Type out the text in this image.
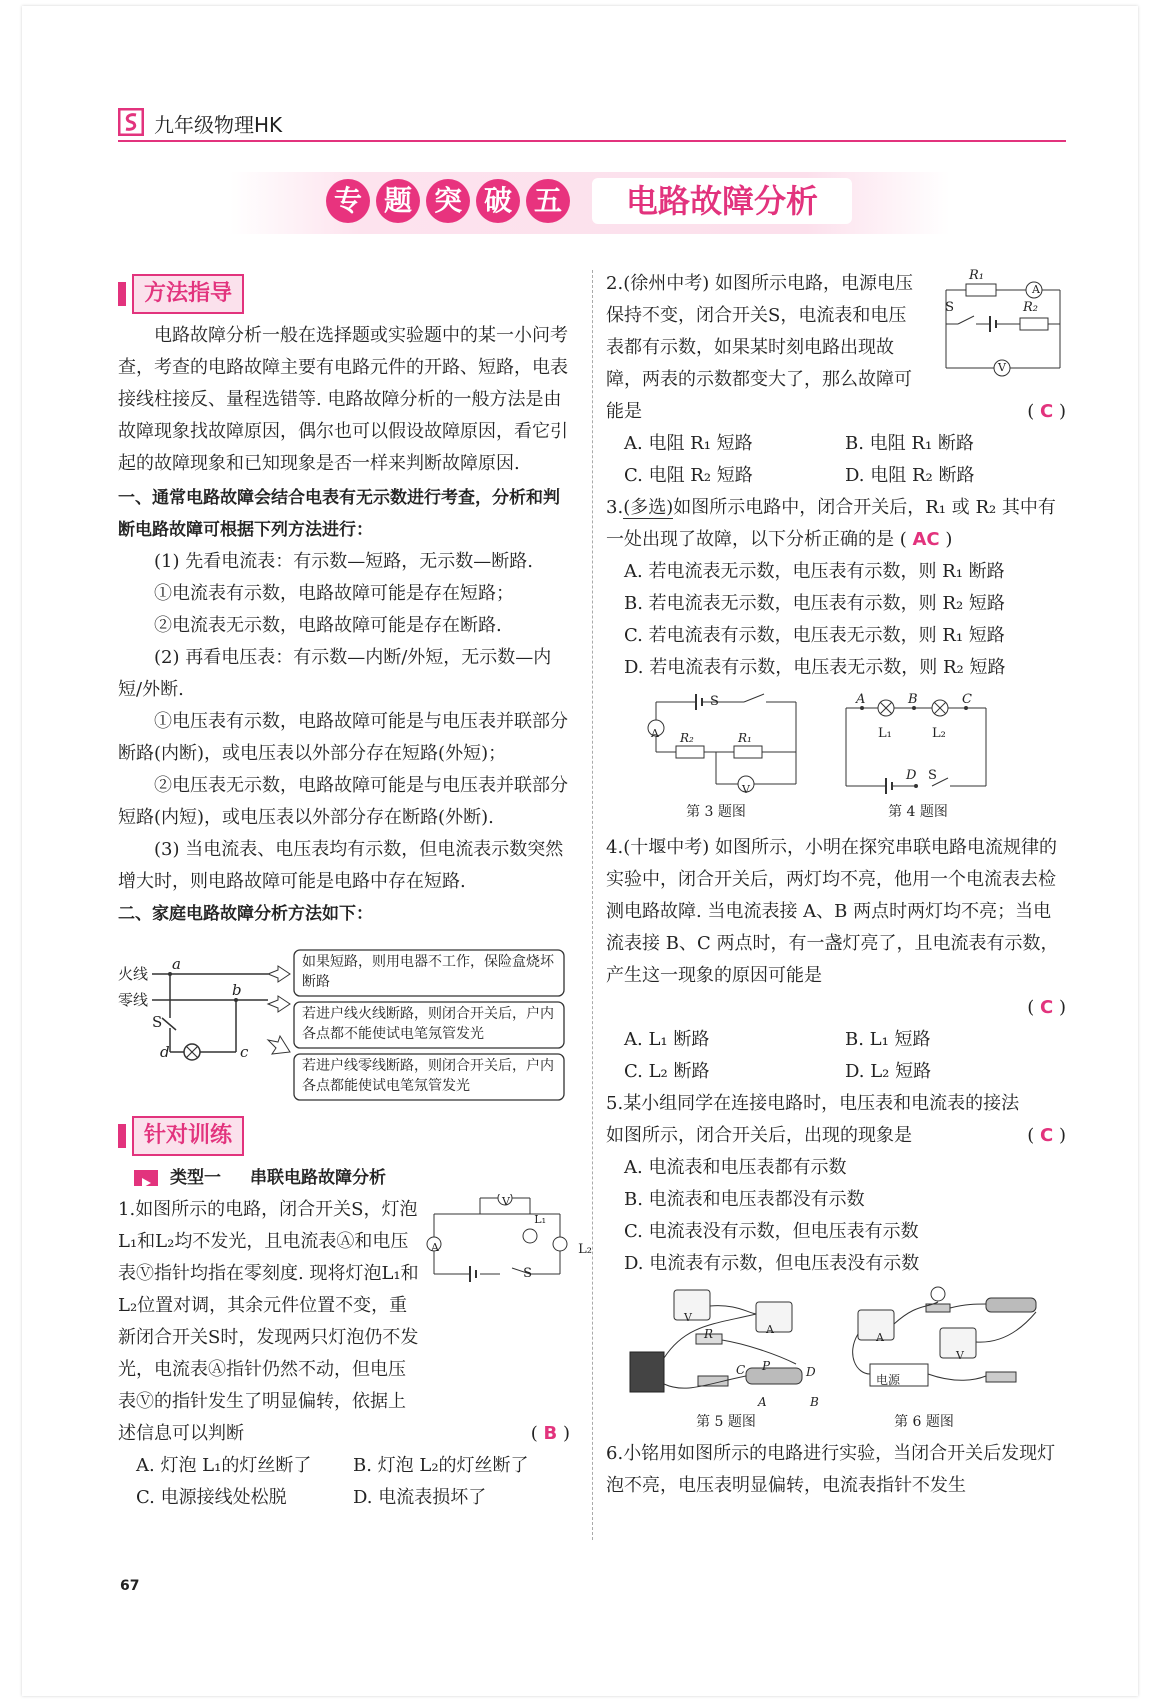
九年级物理HK
专 题 突 破 五	电路故障分析
方法指导

电路故障分析一般在选择题或实验题中的某一小问考查，考查的电路故障主要有电路元件的开路、短路，电表接线柱接反、量程选错等. 电路故障分析的一般方法是由故障现象找故障原因，偶尔也可以假设故障原因，看它引起的故障现象和已知现象是否一样来判断故障原因.

一、通常电路故障会结合电表有无示数进行考查，分析和判断电路故障可根据下列方法进行：

(1) 先看电流表：有示数—短路，无示数—断路.

①电流表有示数，电路故障可能是存在短路；

②电流表无示数，电路故障可能是存在断路.

(2) 再看电压表：有示数—内断/外短，无示数—内短/外断.

①电压表有示数，电路故障可能是与电压表并联部分断路(内断)，或电压表以外部分存在短路(外短)；

②电压表无示数，电路故障可能是与电压表并联部分短路(内短)，或电压表以外部分存在断路(外断).

(3) 当电流表、电压表均有示数，但电流表示数突然增大时，则电路故障可能是电路中存在短路.

二、家庭电路故障分析方法如下：

火线
零线
S
a
b
c
d
如果短路，则用电器不工作，保险盒烧坏断路
若进户线火线断路，则闭合开关后，户内各点都不能使试电笔氖管发光
若进户线零线断路，则闭合开关后，户内各点都能使试电笔氖管发光
针对训练
类型一 串联电路故障分析
V
A
S
L₂
L₁

1.如图所示的电路，闭合开关S，灯泡L₁和L₂均不发光，且电流表Ⓐ和电压表Ⓥ指针均指在零刻度. 现将灯泡L₁和L₂位置对调，其余元件位置不变，重新闭合开关S时，发现两只灯泡仍不发光，电流表Ⓐ指针仍然不动，但电压表Ⓥ的指针发生了明显偏转，依据上述信息可以判断	( B )

A. 灯泡 L₁的灯丝断了	B. 灯泡 L₂的灯丝断了
C. 电源接线处松脱	D. 电流表损坏了
R₁
A
S	R₂
V

2.(徐州中考) 如图所示电路，电源电压保持不变，闭合开关S，电流表和电压表都有示数，如果某时刻电路出现故障，两表的示数都变大了，那么故障可能是	( C )

A. 电阻 R₁ 短路	B. 电阻 R₁ 断路
C. 电阻 R₂ 短路	D. 电阻 R₂ 断路

3.(多选)如图所示电路中，闭合开关后，R₁ 或 R₂ 其中有一处出现了故障，以下分析正确的是 ( AC )

A. 若电流表无示数，电压表有示数，则 R₁ 断路

B. 若电流表无示数，电压表有示数，则 R₂ 短路

C. 若电流表有示数，电压表无示数，则 R₁ 短路

D. 若电流表有示数，电压表无示数，则 R₂ 短路

S
A R₂	R₁
V
第 3 题图
A	B	C
L₁	L₂
D S
第 4 题图

4.(十堰中考) 如图所示，小明在探究串联电路电流规律的实验中，闭合开关后，两灯均不亮，他用一个电流表去检测电路故障. 当电流表接 A、B 两点时两灯均不亮；当电流表接 B、C 两点时，有一盏灯亮了，且电流表有示数，产生这一现象的原因可能是

( C )

A. L₁ 断路	B. L₁ 短路
C. L₂ 断路	D. L₂ 短路

5.某小组同学在连接电路时，电压表和电流表的接法如图所示，闭合开关后，出现的现象是	( C )

A. 电流表和电压表都有示数

B. 电流表和电压表都没有示数

C. 电流表没有示数，但电压表有示数

D. 电流表有示数，但电压表没有示数

V
A
R
C P	D
A	B
第 5 题图
A
V
电源
第 6 题图

6.小铭用如图所示的电路进行实验，当闭合开关后发现灯泡不亮，电压表明显偏转，电流表指针不发生

67
